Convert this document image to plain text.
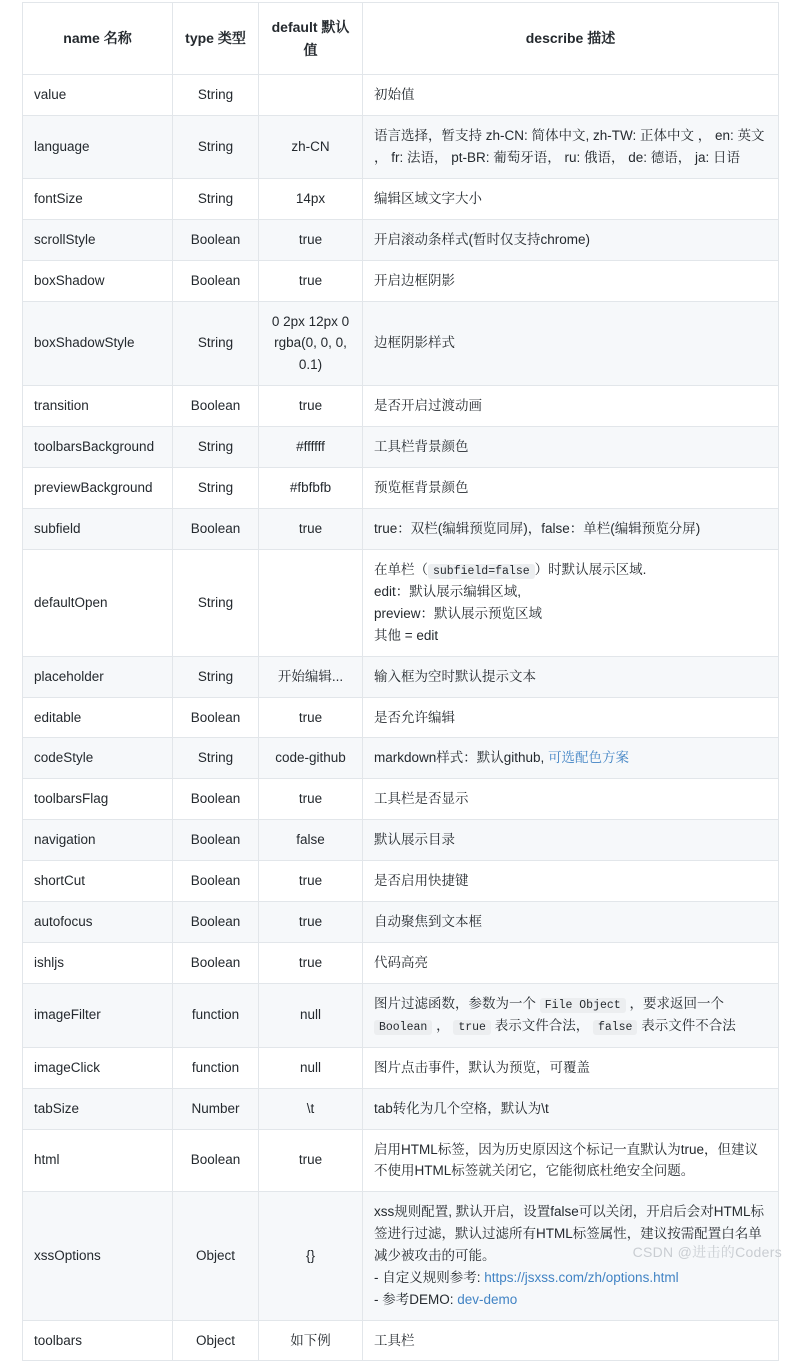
name 名称	type 类型	default 默认值	describe 描述
value	String		初始值

language	String	zh-CN	语言选择，暂支持 zh-CN: 简体中文, zh-TW: 正体中文 ， en: 英文 ， fr: 法语， pt-BR: 葡萄牙语， ru: 俄语， de: 德语， ja: 日语

fontSize	String	14px	编辑区域文字大小

scrollStyle	Boolean	true	开启滚动条样式(暂时仅支持chrome)

boxShadow	Boolean	true	开启边框阴影

boxShadowStyle	String	0 2px 12px 0 rgba(0, 0, 0, 0.1)	边框阴影样式

transition	Boolean	true	是否开启过渡动画

toolbarsBackground	String	#ffffff	工具栏背景颜色

previewBackground	String	#fbfbfb	预览框背景颜色

subfield	Boolean	true	true：双栏(编辑预览同屏)，false：单栏(编辑预览分屏)

defaultOpen	String		在单栏（ subfield=false ）时默认展示区域.
edit：默认展示编辑区域,
preview：默认展示预览区域
其他 = edit

placeholder	String	开始编辑...	输入框为空时默认提示文本

editable	Boolean	true	是否允许编辑

codeStyle	String	code-github	markdown样式：默认github, 可选配色方案

toolbarsFlag	Boolean	true	工具栏是否显示

navigation	Boolean	false	默认展示目录

shortCut	Boolean	true	是否启用快捷键

autofocus	Boolean	true	自动聚焦到文本框

ishljs	Boolean	true	代码高亮

imageFilter	function	null	图片过滤函数，参数为一个 File Object ，要求返回一个 Boolean ， true 表示文件合法， false 表示文件不合法

imageClick	function	null	图片点击事件，默认为预览，可覆盖

tabSize	Number	\t	tab转化为几个空格，默认为\t

html	Boolean	true	启用HTML标签，因为历史原因这个标记一直默认为true，但建议不使用HTML标签就关闭它，它能彻底杜绝安全问题。

xssOptions	Object	{}	xss规则配置, 默认开启，设置false可以关闭，开启后会对HTML标签进行过滤，默认过滤所有HTML标签属性，建议按需配置白名单减少被攻击的可能。
- 自定义规则参考: https://jsxss.com/zh/options.html
- 参考DEMO: dev-demo

toolbars	Object	如下例	工具栏
CSDN @进击的Coders
